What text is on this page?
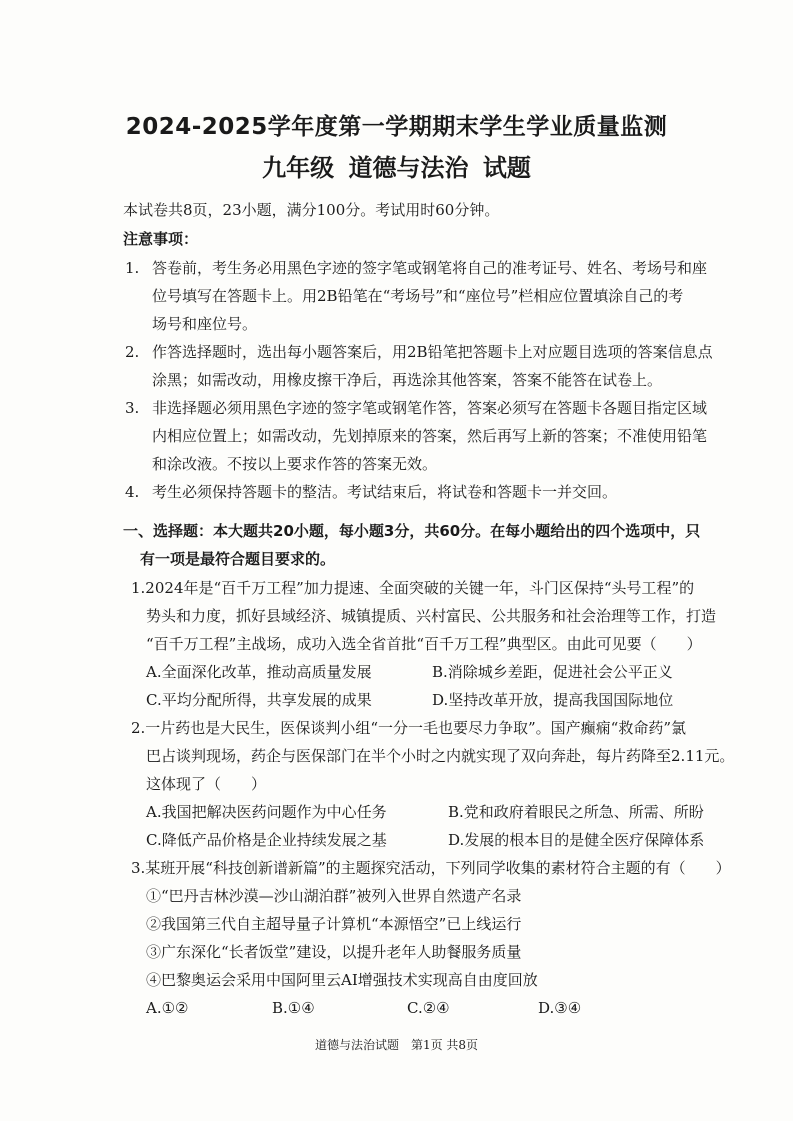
2024-2025学年度第一学期期末学生学业质量监测
九年级 道德与法治 试题
本试卷共8页，23小题，满分100分。考试用时60分钟。
注意事项：
1. 答卷前，考生务必用黑色字迹的签字笔或钢笔将自己的准考证号、姓名、考场号和座
位号填写在答题卡上。用2B铅笔在“考场号”和“座位号”栏相应位置填涂自己的考
场号和座位号。
2. 作答选择题时，选出每小题答案后，用2B铅笔把答题卡上对应题目选项的答案信息点
涂黑；如需改动，用橡皮擦干净后，再选涂其他答案，答案不能答在试卷上。
3. 非选择题必须用黑色字迹的签字笔或钢笔作答，答案必须写在答题卡各题目指定区域
内相应位置上；如需改动，先划掉原来的答案，然后再写上新的答案；不准使用铅笔
和涂改液。不按以上要求作答的答案无效。
4. 考生必须保持答题卡的整洁。考试结束后，将试卷和答题卡一并交回。
一、选择题：本大题共20小题，每小题3分，共60分。在每小题给出的四个选项中，只
有一项是最符合题目要求的。
1.2024年是“百千万工程”加力提速、全面突破的关键一年，斗门区保持“头号工程”的
势头和力度，抓好县域经济、城镇提质、兴村富民、公共服务和社会治理等工作，打造
“百千万工程”主战场，成功入选全省首批“百千万工程”典型区。由此可见要（　　）
A.全面深化改革，推动高质量发展	B.消除城乡差距，促进社会公平正义
C.平均分配所得，共享发展的成果	D.坚持改革开放，提高我国国际地位
2.一片药也是大民生，医保谈判小组“一分一毛也要尽力争取”。国产癫痫“救命药”氯
巴占谈判现场，药企与医保部门在半个小时之内就实现了双向奔赴，每片药降至2.11元。
这体现了（　　）
A.我国把解决医药问题作为中心任务	B.党和政府着眼民之所急、所需、所盼
C.降低产品价格是企业持续发展之基	D.发展的根本目的是健全医疗保障体系
3.某班开展“科技创新谱新篇”的主题探究活动，下列同学收集的素材符合主题的有（　　）
①“巴丹吉林沙漠—沙山湖泊群”被列入世界自然遗产名录
②我国第三代自主超导量子计算机“本源悟空”已上线运行
③广东深化“长者饭堂”建设，以提升老年人助餐服务质量
④巴黎奥运会采用中国阿里云AI增强技术实现高自由度回放
A.①②	B.①④	C.②④	D.③④
道德与法治试题　第1页 共8页
